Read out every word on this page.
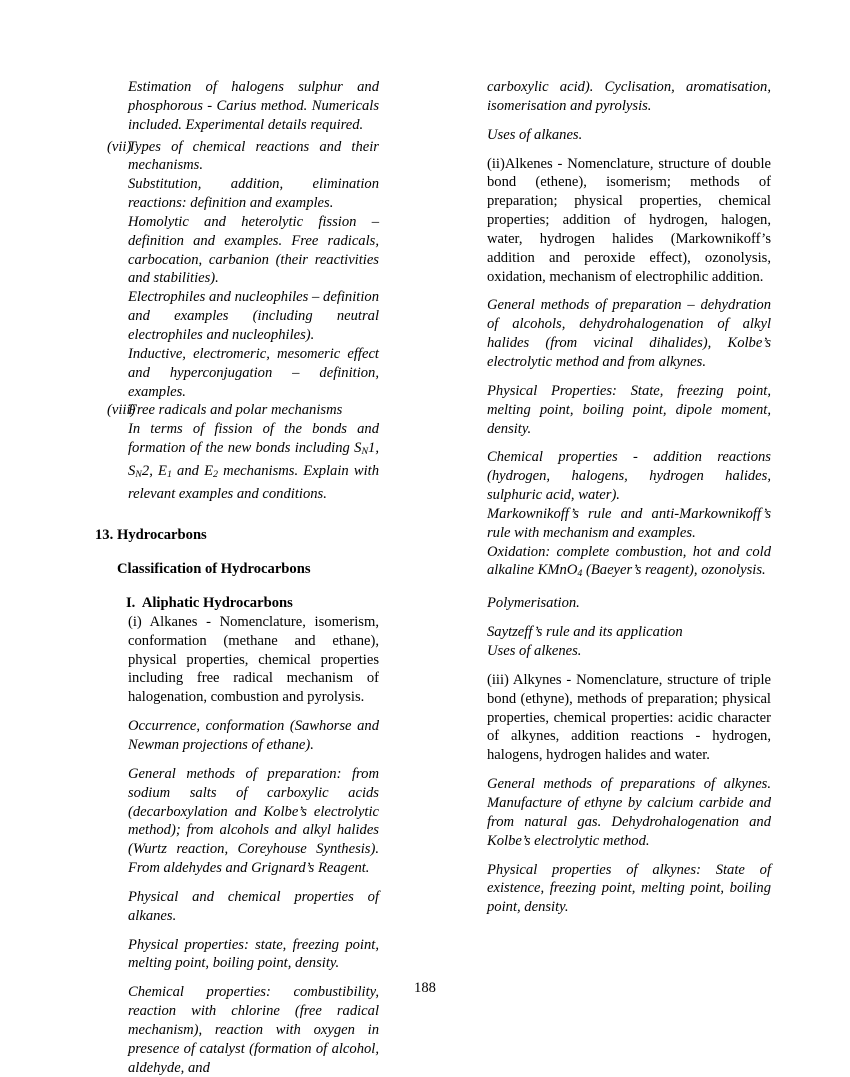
Estimation of halogens sulphur and phosphorous - Carius method. Numericals included. Experimental details required.

(vii)Types of chemical reactions and their mechanisms.

Substitution, addition, elimination reactions: definition and examples.

Homolytic and heterolytic fission – definition and examples. Free radicals, carbocation, carbanion (their reactivities and stabilities).

Electrophiles and nucleophiles – definition and examples (including neutral electrophiles and nucleophiles).

Inductive, electromeric, mesomeric effect and hyperconjugation – definition, examples.

(viii)Free radicals and polar mechanisms

In terms of fission of the bonds and formation of the new bonds including $S_N1$, $S_N2$, $E_1$ and $E_2$ mechanisms. Explain with relevant examples and conditions.

13. Hydrocarbons

Classification of Hydrocarbons

I. Aliphatic Hydrocarbons

(i) Alkanes - Nomenclature, isomerism, conformation (methane and ethane), physical properties, chemical properties including free radical mechanism of halogenation, combustion and pyrolysis.

Occurrence, conformation (Sawhorse and Newman projections of ethane).

General methods of preparation: from sodium salts of carboxylic acids (decarboxylation and Kolbe’s electrolytic method); from alcohols and alkyl halides (Wurtz reaction, Coreyhouse Synthesis). From aldehydes and Grignard’s Reagent.

Physical and chemical properties of alkanes.

Physical properties: state, freezing point, melting point, boiling point, density.

Chemical properties: combustibility, reaction with chlorine (free radical mechanism), reaction with oxygen in presence of catalyst (formation of alcohol, aldehyde, and

carboxylic acid). Cyclisation, aromatisation, isomerisation and pyrolysis.

Uses of alkanes.

(ii)Alkenes - Nomenclature, structure of double bond (ethene), isomerism; methods of preparation; physical properties, chemical properties; addition of hydrogen, halogen, water, hydrogen halides (Markownikoff’s addition and peroxide effect), ozonolysis, oxidation, mechanism of electrophilic addition.

General methods of preparation – dehydration of alcohols, dehydrohalogenation of alkyl halides (from vicinal dihalides), Kolbe’s electrolytic method and from alkynes.

Physical Properties: State, freezing point, melting point, boiling point, dipole moment, density.

Chemical properties - addition reactions (hydrogen, halogens, hydrogen halides, sulphuric acid, water).

Markownikoff’s rule and anti-Markownikoff’s rule with mechanism and examples.

Oxidation: complete combustion, hot and cold alkaline KMnO$_4$ (Baeyer’s reagent), ozonolysis.

Polymerisation.

Saytzeff’s rule and its application

Uses of alkenes.

(iii) Alkynes - Nomenclature, structure of triple bond (ethyne), methods of preparation; physical properties, chemical properties: acidic character of alkynes, addition reactions - hydrogen, halogens, hydrogen halides and water.

General methods of preparations of alkynes. Manufacture of ethyne by calcium carbide and from natural gas. Dehydrohalogenation and Kolbe’s electrolytic method.

Physical properties of alkynes: State of existence, freezing point, melting point, boiling point, density.

188
